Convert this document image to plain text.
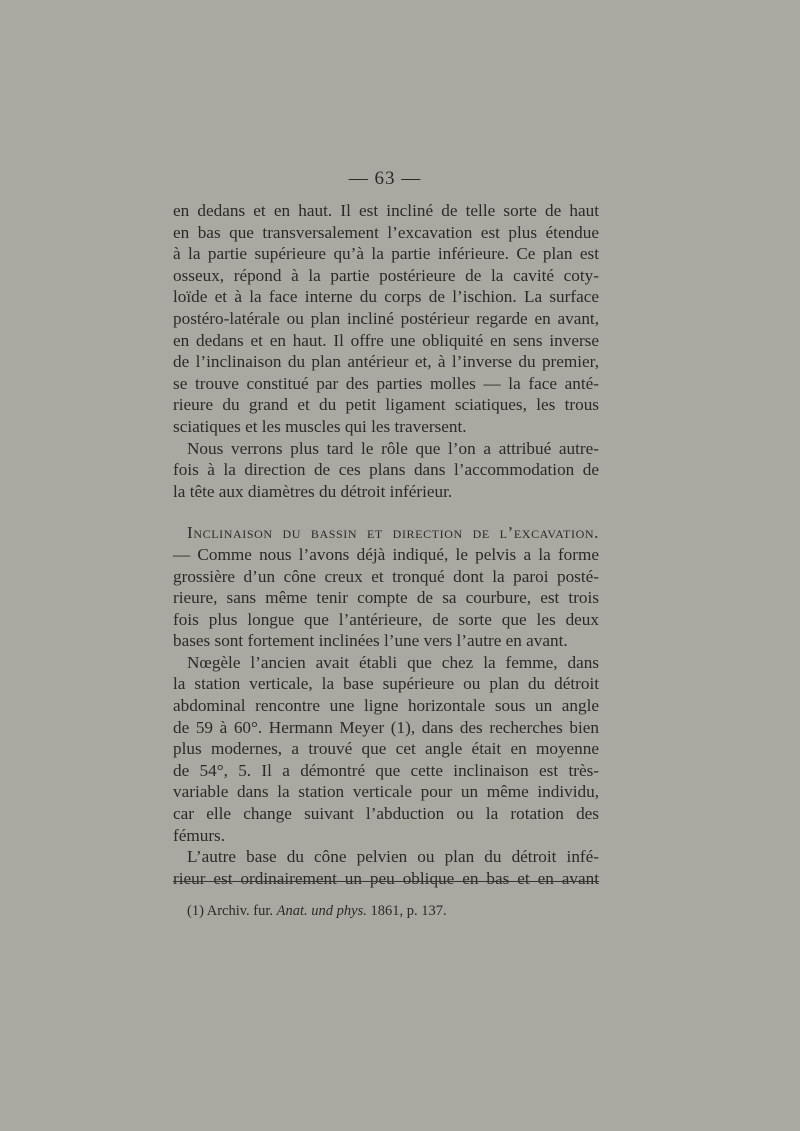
— 63 —
en dedans et en haut. Il est incliné de telle sorte de haut
en bas que transversalement l’excavation est plus étendue
à la partie supérieure qu’à la partie inférieure. Ce plan est
osseux, répond à la partie postérieure de la cavité coty-
loïde et à la face interne du corps de l’ischion. La surface
postéro-latérale ou plan incliné postérieur regarde en avant,
en dedans et en haut. Il offre une obliquité en sens inverse
de l’inclinaison du plan antérieur et, à l’inverse du premier,
se trouve constitué par des parties molles — la face anté-
rieure du grand et du petit ligament sciatiques, les trous
sciatiques et les muscles qui les traversent.
Nous verrons plus tard le rôle que l’on a attribué autre-
fois à la direction de ces plans dans l’accommodation de
la tête aux diamètres du détroit inférieur.
Inclinaison du bassin et direction de l’excavation.
— Comme nous l’avons déjà indiqué, le pelvis a la forme
grossière d’un cône creux et tronqué dont la paroi posté-
rieure, sans même tenir compte de sa courbure, est trois
fois plus longue que l’antérieure, de sorte que les deux
bases sont fortement inclinées l’une vers l’autre en avant.
Nœgèle l’ancien avait établi que chez la femme, dans
la station verticale, la base supérieure ou plan du détroit
abdominal rencontre une ligne horizontale sous un angle
de 59 à 60°. Hermann Meyer (1), dans des recherches bien
plus modernes, a trouvé que cet angle était en moyenne
de 54°, 5. Il a démontré que cette inclinaison est très-
variable dans la station verticale pour un même individu,
car elle change suivant l’abduction ou la rotation des
fémurs.
L’autre base du cône pelvien ou plan du détroit infé-
rieur est ordinairement un peu oblique en bas et en avant
(1) Archiv. fur. Anat. und phys. 1861, p. 137.
